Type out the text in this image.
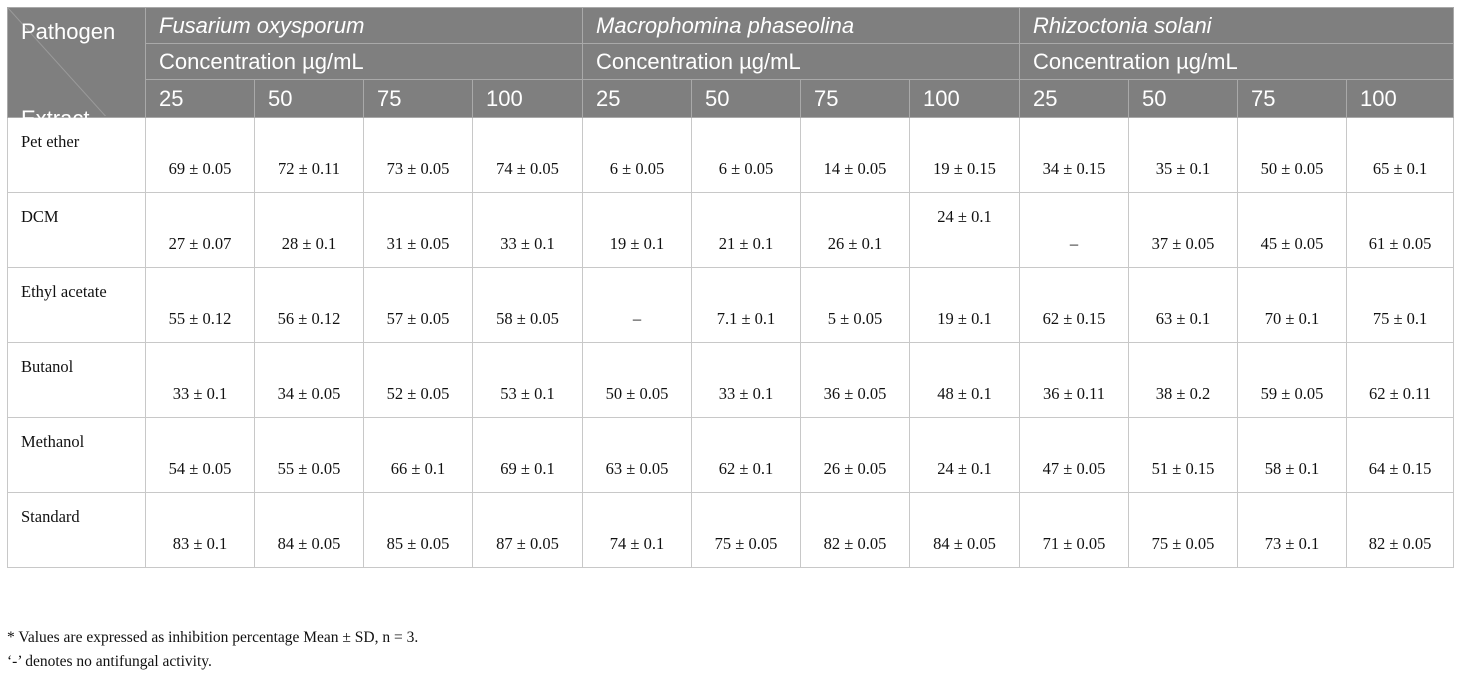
Pathogen
Extract	Fusarium oxysporum				Macrophomina phaseolina				Rhizoctonia solani			
	Concentration µg/mL				Concentration µg/mL				Concentration µg/mL			
	25	50	75	100	25	50	75	100	25	50	75	100
Pet ether	69 ± 0.05	72 ± 0.11	73 ± 0.05	74 ± 0.05	6 ± 0.05	6 ± 0.05	14 ± 0.05	19 ± 0.15	34 ± 0.15	35 ± 0.1	50 ± 0.05	65 ± 0.1

DCM	27 ± 0.07	28 ± 0.1	31 ± 0.05	33 ± 0.1	19 ± 0.1	21 ± 0.1	26 ± 0.1	24 ± 0.1	–	37 ± 0.05	45 ± 0.05	61 ± 0.05

Ethyl acetate	55 ± 0.12	56 ± 0.12	57 ± 0.05	58 ± 0.05	–	7.1 ± 0.1	5 ± 0.05	19 ± 0.1	62 ± 0.15	63 ± 0.1	70 ± 0.1	75 ± 0.1

Butanol	33 ± 0.1	34 ± 0.05	52 ± 0.05	53 ± 0.1	50 ± 0.05	33 ± 0.1	36 ± 0.05	48 ± 0.1	36 ± 0.11	38 ± 0.2	59 ± 0.05	62 ± 0.11

Methanol	54 ± 0.05	55 ± 0.05	66 ± 0.1	69 ± 0.1	63 ± 0.05	62 ± 0.1	26 ± 0.05	24 ± 0.1	47 ± 0.05	51 ± 0.15	58 ± 0.1	64 ± 0.15

Standard	83 ± 0.1	84 ± 0.05	85 ± 0.05	87 ± 0.05	74 ± 0.1	75 ± 0.05	82 ± 0.05	84 ± 0.05	71 ± 0.05	75 ± 0.05	73 ± 0.1	82 ± 0.05
* Values are expressed as inhibition percentage Mean ± SD, n = 3.
‘-’ denotes no antifungal activity.
